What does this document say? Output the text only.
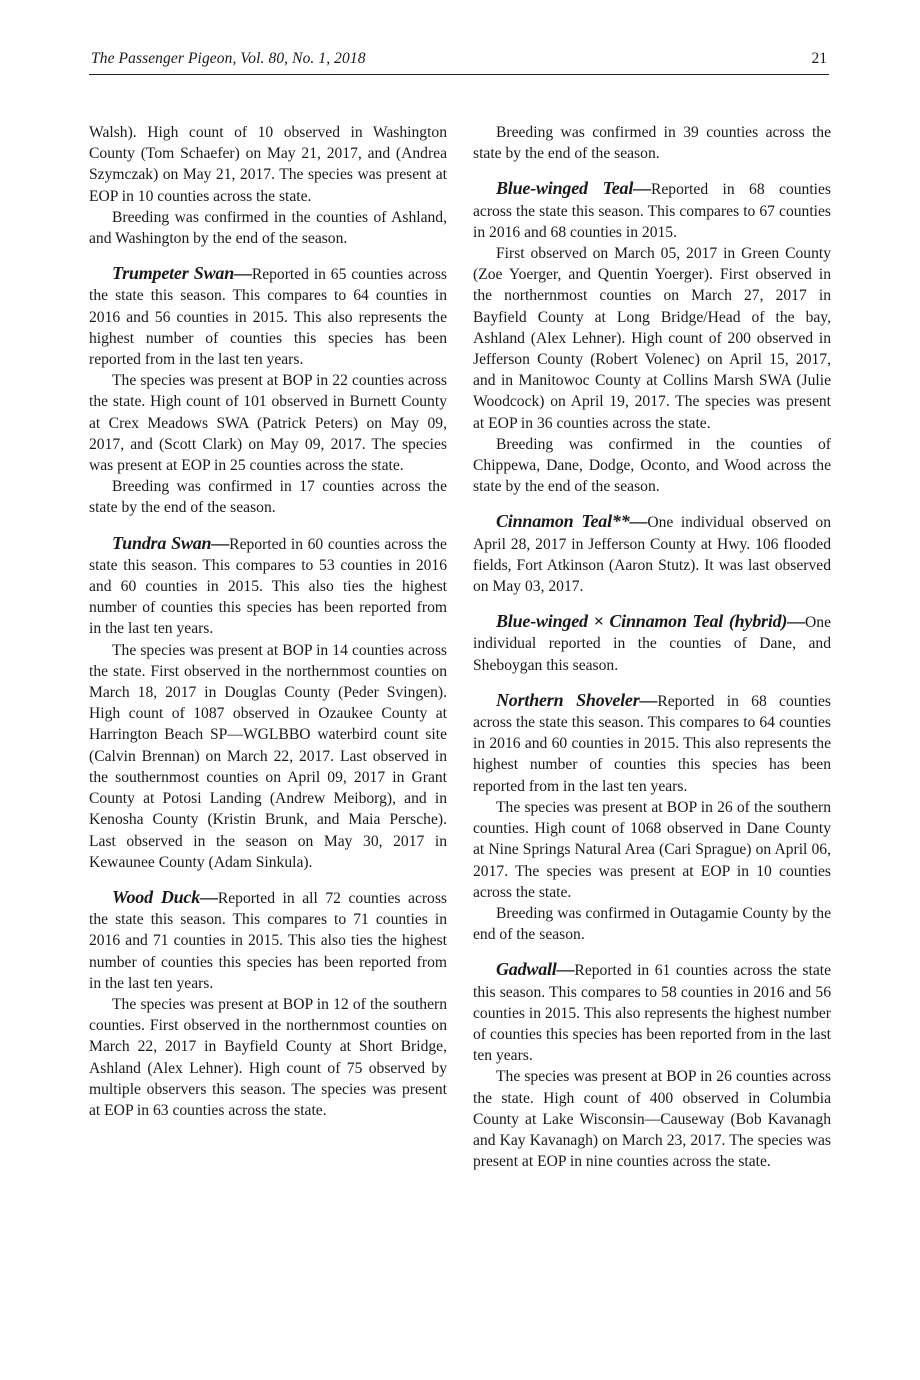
The Passenger Pigeon, Vol. 80, No. 1, 2018	21

Walsh). High count of 10 observed in Washington County (Tom Schaefer) on May 21, 2017, and (Andrea Szymczak) on May 21, 2017. The species was present at EOP in 10 counties across the state.

Breeding was confirmed in the counties of Ashland, and Washington by the end of the season.

Trumpeter Swan—Reported in 65 counties across the state this season. This compares to 64 counties in 2016 and 56 counties in 2015. This also represents the highest number of counties this species has been reported from in the last ten years.

The species was present at BOP in 22 counties across the state. High count of 101 observed in Burnett County at Crex Meadows SWA (Patrick Peters) on May 09, 2017, and (Scott Clark) on May 09, 2017. The species was present at EOP in 25 counties across the state.

Breeding was confirmed in 17 counties across the state by the end of the season.

Tundra Swan—Reported in 60 counties across the state this season. This compares to 53 counties in 2016 and 60 counties in 2015. This also ties the highest number of counties this species has been reported from in the last ten years.

The species was present at BOP in 14 counties across the state. First observed in the northernmost counties on March 18, 2017 in Douglas County (Peder Svingen). High count of 1087 observed in Ozaukee County at Harrington Beach SP—WGLBBO waterbird count site (Calvin Brennan) on March 22, 2017. Last observed in the southernmost counties on April 09, 2017 in Grant County at Potosi Landing (Andrew Meiborg), and in Kenosha County (Kristin Brunk, and Maia Persche). Last observed in the season on May 30, 2017 in Kewaunee County (Adam Sinkula).

Wood Duck—Reported in all 72 counties across the state this season. This compares to 71 counties in 2016 and 71 counties in 2015. This also ties the highest number of counties this species has been reported from in the last ten years.

The species was present at BOP in 12 of the southern counties. First observed in the northernmost counties on March 22, 2017 in Bayfield County at Short Bridge, Ashland (Alex Lehner). High count of 75 observed by multiple observers this season. The species was present at EOP in 63 counties across the state.

Breeding was confirmed in 39 counties across the state by the end of the season.

Blue-winged Teal—Reported in 68 counties across the state this season. This compares to 67 counties in 2016 and 68 counties in 2015.

First observed on March 05, 2017 in Green County (Zoe Yoerger, and Quentin Yoerger). First observed in the northernmost counties on March 27, 2017 in Bayfield County at Long Bridge/Head of the bay, Ashland (Alex Lehner). High count of 200 observed in Jefferson County (Robert Volenec) on April 15, 2017, and in Manitowoc County at Collins Marsh SWA (Julie Woodcock) on April 19, 2017. The species was present at EOP in 36 counties across the state.

Breeding was confirmed in the counties of Chippewa, Dane, Dodge, Oconto, and Wood across the state by the end of the season.

Cinnamon Teal**—One individual observed on April 28, 2017 in Jefferson County at Hwy. 106 flooded fields, Fort Atkinson (Aaron Stutz). It was last observed on May 03, 2017.

Blue-winged × Cinnamon Teal (hybrid)—One individual reported in the counties of Dane, and Sheboygan this season.

Northern Shoveler—Reported in 68 counties across the state this season. This compares to 64 counties in 2016 and 60 counties in 2015. This also represents the highest number of counties this species has been reported from in the last ten years.

The species was present at BOP in 26 of the southern counties. High count of 1068 observed in Dane County at Nine Springs Natural Area (Cari Sprague) on April 06, 2017. The species was present at EOP in 10 counties across the state.

Breeding was confirmed in Outagamie County by the end of the season.

Gadwall—Reported in 61 counties across the state this season. This compares to 58 counties in 2016 and 56 counties in 2015. This also represents the highest number of counties this species has been reported from in the last ten years.

The species was present at BOP in 26 counties across the state. High count of 400 observed in Columbia County at Lake Wisconsin—Causeway (Bob Kavanagh and Kay Kavanagh) on March 23, 2017. The species was present at EOP in nine counties across the state.
